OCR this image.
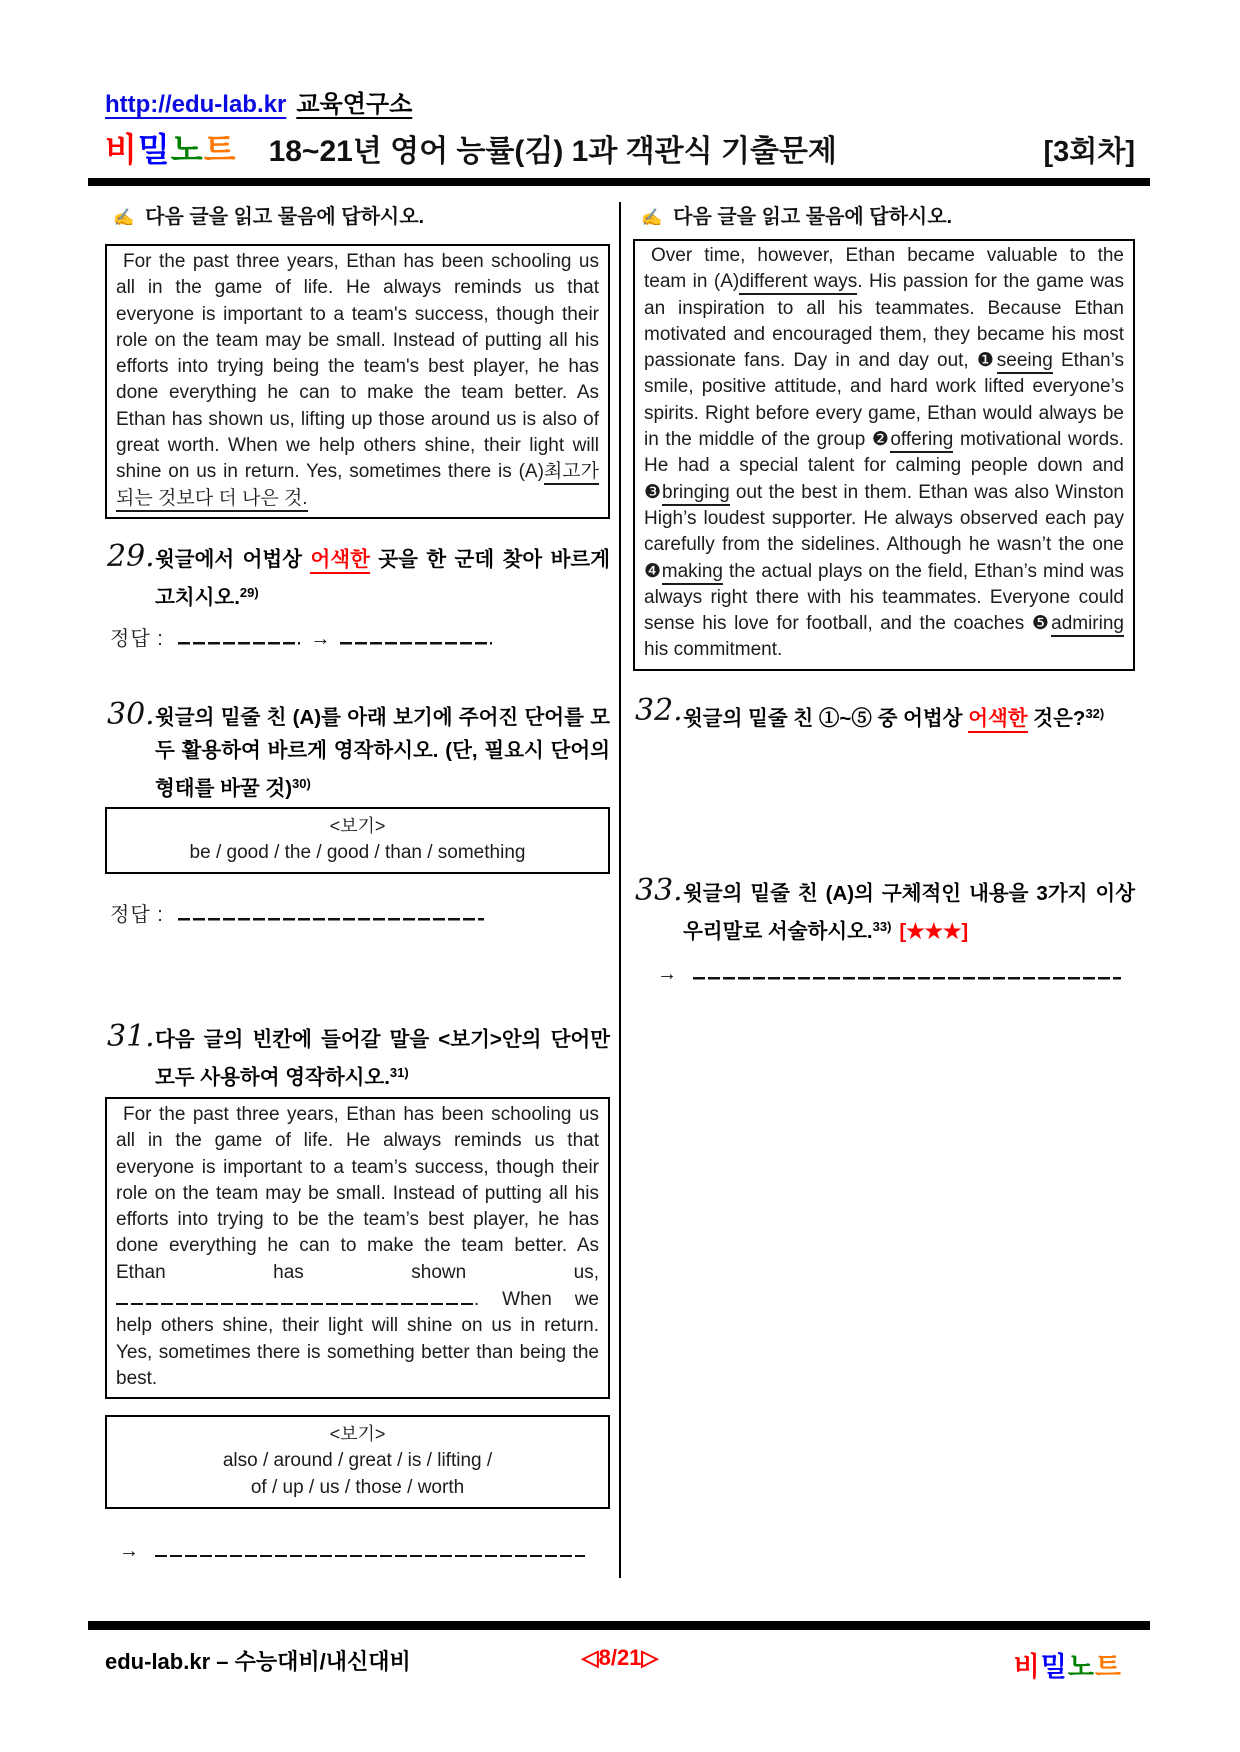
http://edu-lab.kr 교육연구소
비밀노트 18~21년 영어 능률(김) 1과 객관식 기출문제	[3회차]
✍ 다음 글을 읽고 물음에 답하시오.

For the past three years, Ethan has been schooling us all in the game of life. He always reminds us that everyone is important to a team's success, though their role on the team may be small. Instead of putting all his efforts into trying being the team's best player, he has done everything he can to make the team better. As Ethan has shown us, lifting up those around us is also of great worth. When we help others shine, their light will shine on us in return. Yes, sometimes there is (A)최고가 되는 것보다 더 나은 것.

29. 윗글에서 어법상 어색한 곳을 한 군데 찾아 바르게 고치시오.$^{29)}$

정답 :	→
30. 윗글의 밑줄 친 (A)를 아래 보기에 주어진 단어를 모두 활용하여 바르게 영작하시오. (단, 필요시 단어의 형태를 바꿀 것)$^{30)}$

<보기>
be / good / the / good / than / something
정답 :
31. 다음 글의 빈칸에 들어갈 말을 <보기>안의 단어만 모두 사용하여 영작하시오.$^{31)}$

For the past three years, Ethan has been schooling us all in the game of life. He always reminds us that everyone is important to a team’s success, though their role on the team may be small. Instead of putting all his efforts into trying to be the team’s best player, he has done everything he can to make the team better. As Ethan has shown us, . When we help others shine, their light will shine on us in return. Yes, sometimes there is something better than being the best.

<보기>
also / around / great / is / lifting /
of / up / us / those / worth
→
✍ 다음 글을 읽고 물음에 답하시오.

Over time, however, Ethan became valuable to the team in (A)different ways. His passion for the game was an inspiration to all his teammates. Because Ethan motivated and encouraged them, they became his most passionate fans. Day in and day out, ❶seeing Ethan’s smile, positive attitude, and hard work lifted everyone’s spirits. Right before every game, Ethan would always be in the middle of the group ❷offering motivational words. He had a special talent for calming people down and ❸bringing out the best in them. Ethan was also Winston High’s loudest supporter. He always observed each pay carefully from the sidelines. Although he wasn’t the one ❹making the actual plays on the field, Ethan’s mind was always right there with his teammates. Everyone could sense his love for football, and the coaches ❺admiring his commitment.

32. 윗글의 밑줄 친 ①~⑤ 중 어법상 어색한 것은?$^{32)}$

33. 윗글의 밑줄 친 (A)의 구체적인 내용을 3가지 이상 우리말로 서술하시오.$^{33)}$ [★★★]

→
edu-lab.kr – 수능대비/내신대비	◁8/21▷	비밀노트
